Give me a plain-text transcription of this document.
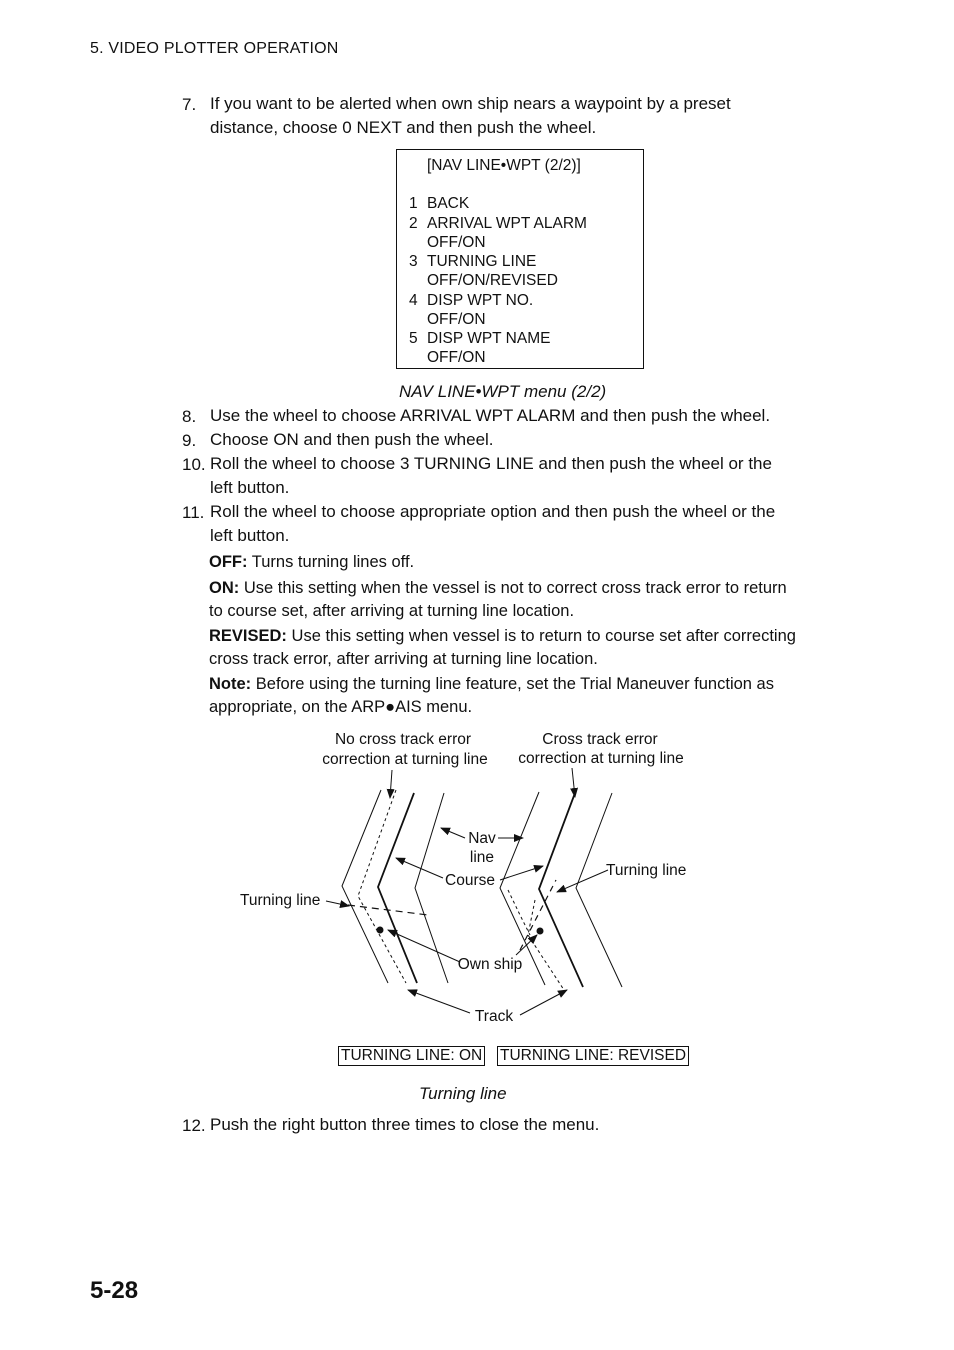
5. VIDEO PLOTTER OPERATION
7. If you want to be alerted when own ship nears a waypoint by a preset
distance, choose 0 NEXT and then push the wheel.
[NAV LINE•WPT (2/2)]
1 BACK
2 ARRIVAL WPT ALARM
OFF/ON
3 TURNING LINE
OFF/ON/REVISED
4 DISP WPT NO.
OFF/ON
5 DISP WPT NAME
OFF/ON
NAV LINE•WPT menu (2/2)
8. Use the wheel to choose ARRIVAL WPT ALARM and then push the wheel.
9. Choose ON and then push the wheel.
10. Roll the wheel to choose 3 TURNING LINE and then push the wheel or the
left button.
11. Roll the wheel to choose appropriate option and then push the wheel or the
left button.
OFF: Turns turning lines off.
ON: Use this setting when the vessel is not to correct cross track error to return
to course set, after arriving at turning line location.
REVISED: Use this setting when vessel is to return to course set after correcting
cross track error, after arriving at turning line location.
Note: Before using the turning line feature, set the Trial Maneuver function as
appropriate, on the ARP●AIS menu.
No cross track error
correction at turning line
Cross track error
correction at turning line
Nav
line
Course
Turning line
Turning line
Own ship
Track
TURNING LINE: ON TURNING LINE: REVISED
Turning line
12. Push the right button three times to close the menu.
5-28
